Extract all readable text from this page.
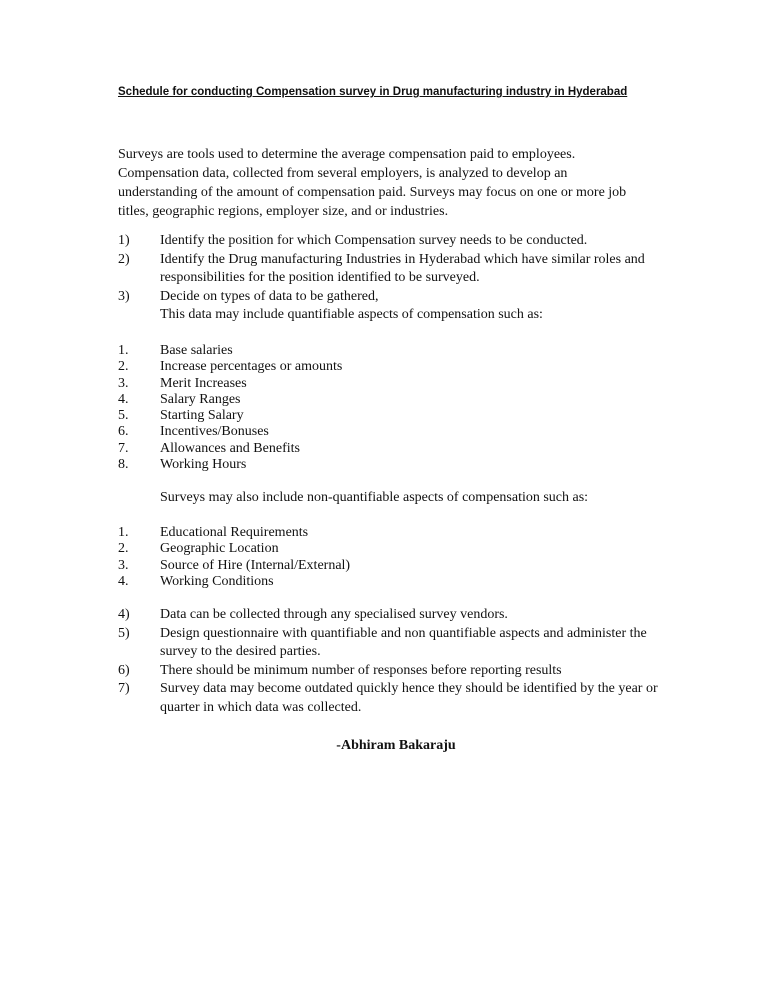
Schedule for conducting Compensation survey in Drug manufacturing industry in Hyderabad
Surveys are tools used to determine the average compensation paid to employees. Compensation data, collected from several employers, is analyzed to develop an understanding of the amount of compensation paid. Surveys may focus on one or more job titles, geographic regions, employer size, and or industries.
1)	Identify the position for which Compensation survey needs to be conducted.
2)	Identify the Drug manufacturing Industries in Hyderabad which have similar roles and responsibilities for the position identified to be surveyed.
3)	Decide on types of data to be gathered,
This data may include quantifiable aspects of compensation such as:
1.	Base salaries
2.	Increase percentages or amounts
3.	Merit Increases
4.	Salary Ranges
5.	Starting Salary
6.	Incentives/Bonuses
7.	Allowances and Benefits
8.	Working Hours
Surveys may also include non-quantifiable aspects of compensation such as:
1.	Educational Requirements
2.	Geographic Location
3.	Source of Hire (Internal/External)
4.	Working Conditions
4)	Data can be collected through any specialised survey vendors.
5)	Design questionnaire with quantifiable and non quantifiable aspects and administer the survey to the desired parties.
6)	There should be minimum number of responses before reporting results
7)	Survey data may become outdated quickly hence they should be identified by the year or quarter in which data was collected.
-Abhiram Bakaraju
